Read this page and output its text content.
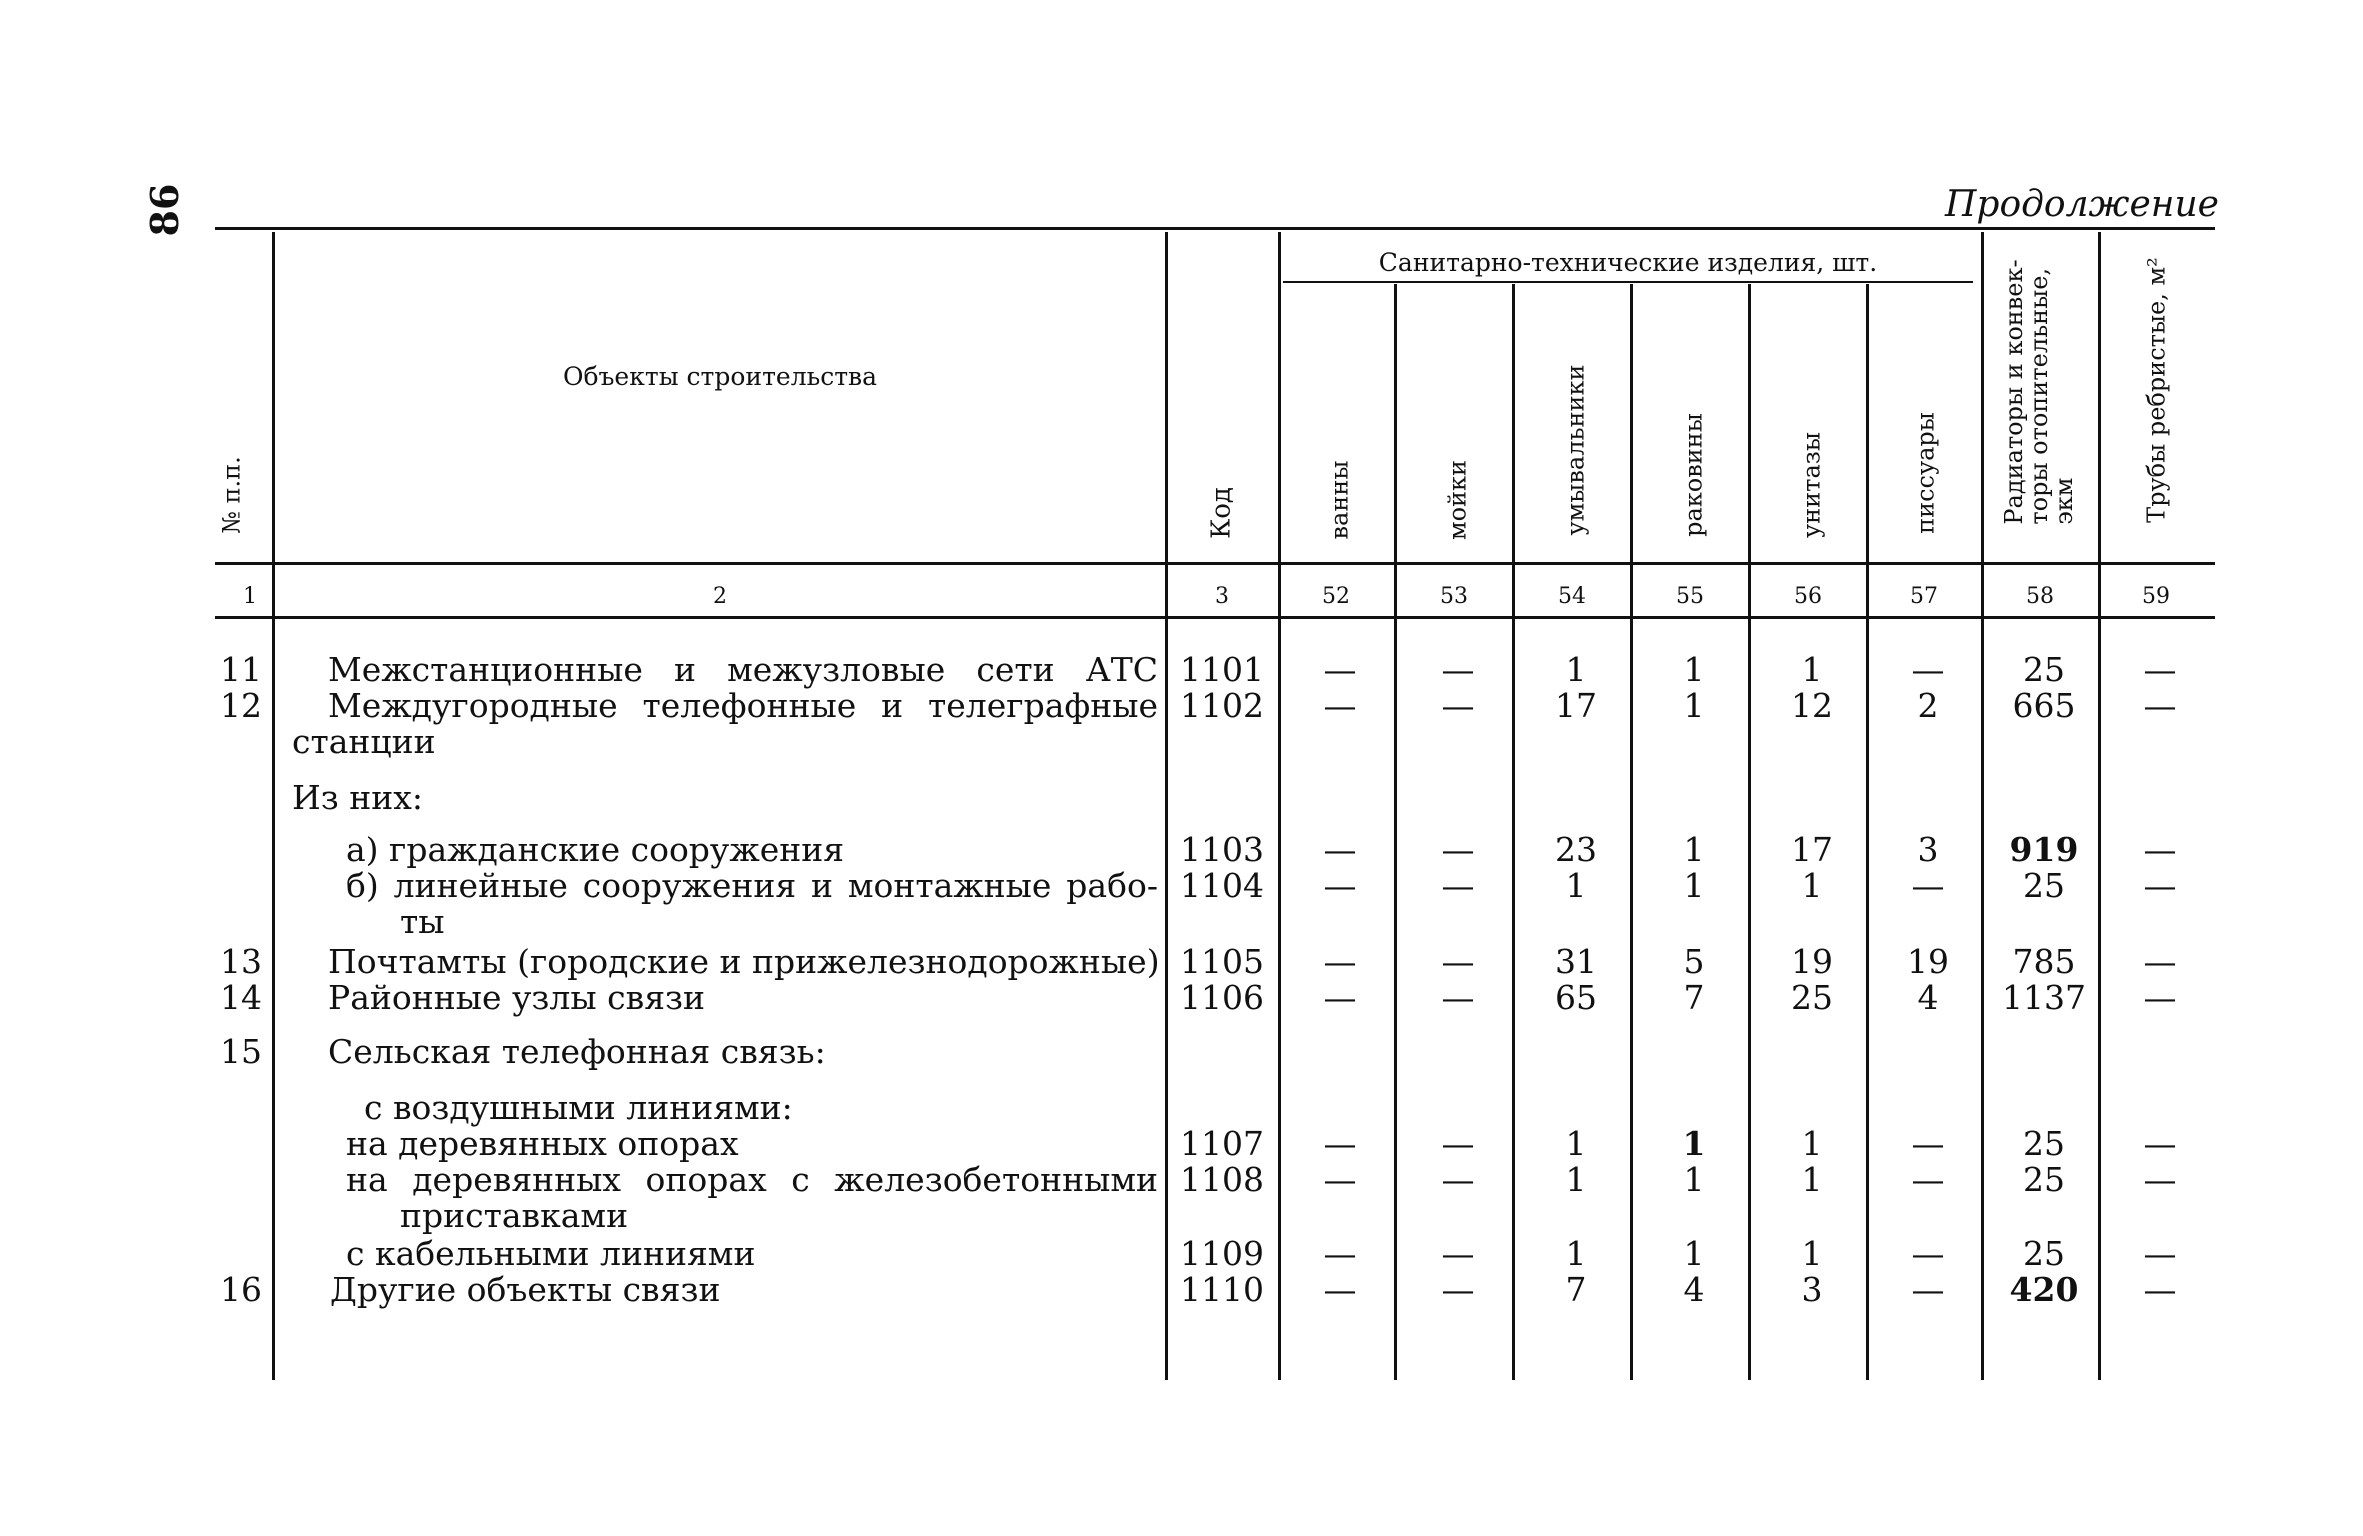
86	Продолжение
№ п.п.
Объекты строительства
Код
Санитарно-технические изделия, шт.
ванны	мойки	умывальники	раковины	унитазы	писсуары	Радиаторы и конвек-
торы отопительные,
экм	Трубы ребристые, м²
1	2	3	52	53	54	55	56	57	58	59
11 Межстанционные и межузловые сети АТС 1101	—	—	1	1	1	—	25	—
12 Междугородные телефонные и телеграфные
станции
1102	—	—	17	1	12	2	665	—
Из них:
а) гражданские сооружения	1103	—	—	23	1	17	3	919	—
б) линейные сооружения и монтажные рабо-
ты
1104	—	—	1	1	1	—	25	—
13 Почтамты (городские и прижелезнодорожные) 1105	—	—	31	5	19	19	785	—
14 Районные узлы связи	1106	—	—	65	7	25	4	1137	—
15 Сельская телефонная связь:
с воздушными линиями:
на деревянных опорах	1107	—	—	1	1	1	—	25	—
на деревянных опорах с железобетонными
приставками
1108	—	—	1	1	1	—	25	—
с кабельными линиями	1109	—	—	1	1	1	—	25	—
16 Другие объекты связи	1110	—	—	7	4	3	—	420	—
